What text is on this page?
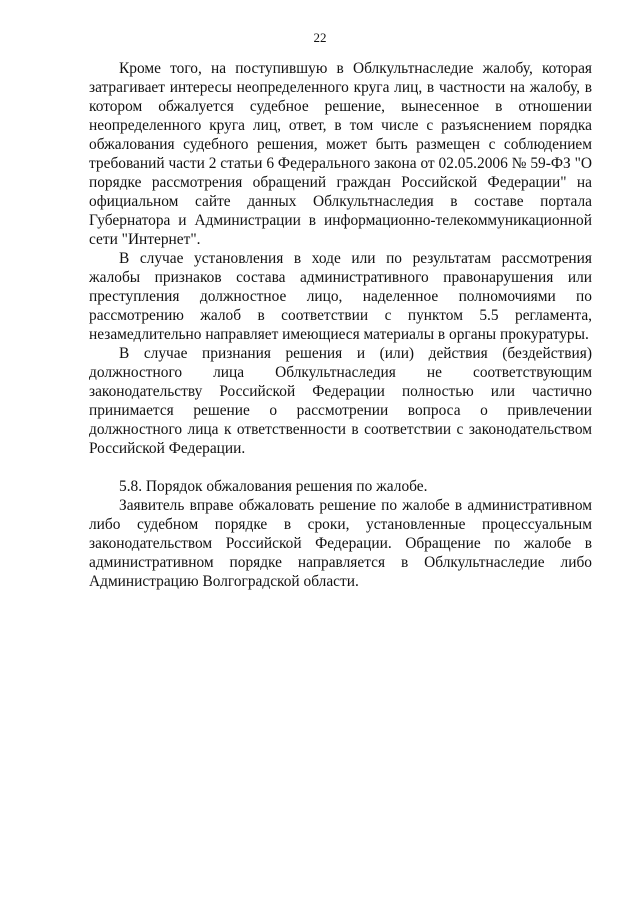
22

Кроме того, на поступившую в Облкультнаследие жалобу, которая затрагивает интересы неопределенного круга лиц, в частности на жалобу, в котором обжалуется судебное решение, вынесенное в отношении неопределенного круга лиц, ответ, в том числе с разъяснением порядка обжалования судебного решения, может быть размещен с соблюдением требований части 2 статьи 6 Федерального закона от 02.05.2006 № 59-ФЗ "О порядке рассмотрения обращений граждан Российской Федерации" на официальном сайте данных Облкультнаследия в составе портала Губернатора и Администрации в информационно-телекоммуникационной сети "Интернет".

В случае установления в ходе или по результатам рассмотрения жалобы признаков состава административного правонарушения или преступления должностное лицо, наделенное полномочиями по рассмотрению жалоб в соответствии с пунктом 5.5 регламента, незамедлительно направляет имеющиеся материалы в органы прокуратуры.

В случае признания решения и (или) действия (бездействия) должностного лица Облкультнаследия не соответствующим законодательству Российской Федерации полностью или частично принимается решение о рассмотрении вопроса о привлечении должностного лица к ответственности в соответствии с законодательством Российской Федерации.

5.8. Порядок обжалования решения по жалобе.

Заявитель вправе обжаловать решение по жалобе в административном либо судебном порядке в сроки, установленные процессуальным законодательством Российской Федерации. Обращение по жалобе в административном порядке направляется в Облкультнаследие либо Администрацию Волгоградской области.
